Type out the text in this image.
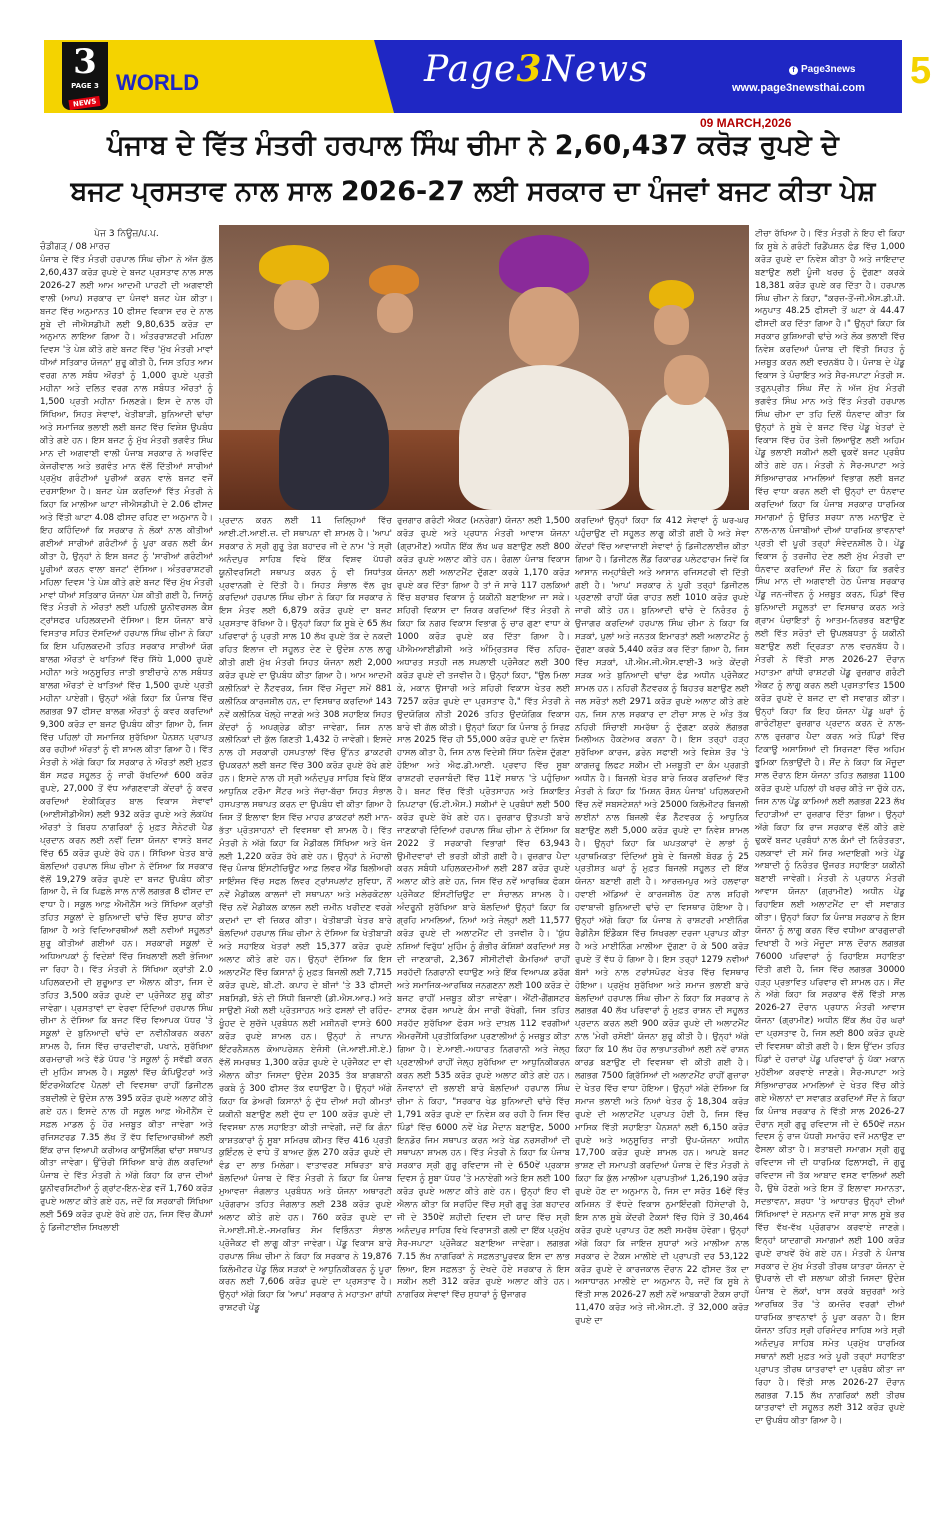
3
PAGE 3
NEWS
WORLD	Page3News	f Page3news
www.page3newsthai.com 5
09 MARCH,2026
ਪੰਜਾਬ ਦੇ ਵਿੱਤ ਮੰਤਰੀ ਹਰਪਾਲ ਸਿੰਘ ਚੀਮਾ ਨੇ 2,60,437 ਕਰੋੜ ਰੁਪਏ ਦੇ
ਬਜਟ ਪ੍ਰਸਤਾਵ ਨਾਲ ਸਾਲ 2026-27 ਲਈ ਸਰਕਾਰ ਦਾ ਪੰਜਵਾਂ ਬਜਟ ਕੀਤਾ ਪੇਸ਼

ਪੇਜ 3 ਨਿਊਜ਼/ਪ.ਪ.

ਚੰਡੀਗੜ੍ / 08 ਮਾਰਚ

ਪੰਜਾਬ ਦੇ ਵਿੱਤ ਮੰਤਰੀ ਹਰਪਾਲ ਸਿੰਘ ਚੀਮਾ ਨੇ ਅੱਜ ਕੁੱਲ 2,60,437 ਕਰੋੜ ਰੁਪਏ ਦੇ ਬਜਟ ਪ੍ਰਸਤਾਵ ਨਾਲ ਸਾਲ 2026-27 ਲਈ ਆਮ ਆਦਮੀ ਪਾਰਟੀ ਦੀ ਅਗਵਾਈ ਵਾਲੀ (ਆਪ) ਸਰਕਾਰ ਦਾ ਪੰਜਵਾਂ ਬਜਟ ਪੇਸ਼ ਕੀਤਾ। ਬਜਟ ਵਿੱਚ ਅਨੁਮਾਨਤ 10 ਫੀਸਦ ਵਿਕਾਸ ਦਰ ਦੇ ਨਾਲ ਸੂਬੇ ਦੀ ਜੀਐਸਡੀਪੀ ਲਈ 9,80,635 ਕਰੋੜ ਦਾ ਅਨੁਮਾਨ ਲਾਇਆ ਗਿਆ ਹੈ। ਅੰਤਰਰਾਸ਼ਟਰੀ ਮਹਿਲਾ ਦਿਵਸ 'ਤੇ ਪੇਸ਼ ਕੀਤੇ ਗਏ ਬਜਟ ਵਿੱਚ 'ਮੁੱਖ ਮੰਤਰੀ ਮਾਵਾਂ ਧੀਆਂ ਸਤਿਕਾਰ ਯੋਜਨਾ' ਸ਼ੁਰੂ ਕੀਤੀ ਹੈ, ਜਿਸ ਤਹਿਤ ਆਮ ਵਰਗ ਨਾਲ ਸਬੰਧ ਔਰਤਾਂ ਨੂੰ 1,000 ਰੁਪਏ ਪ੍ਰਤੀ ਮਹੀਨਾ ਅਤੇ ਦਲਿਤ ਵਰਗ ਨਾਲ ਸਬੰਧਤ ਔਰਤਾਂ ਨੂੰ 1,500 ਪ੍ਰਤੀ ਮਹੀਨਾ ਮਿਲਣਗੇ। ਇਸ ਦੇ ਨਾਲ ਹੀ ਸਿੱਖਿਆ, ਸਿਹਤ ਸੇਵਾਵਾਂ, ਖੇਤੀਬਾੜੀ, ਬੁਨਿਆਦੀ ਢਾਂਚਾ ਅਤੇ ਸਮਾਜਿਕ ਭਲਾਈ ਲਈ ਬਜਟ ਵਿੱਚ ਵਿਸ਼ੇਸ਼ ਉਪਬੰਧ ਕੀਤੇ ਗਏ ਹਨ। ਇਸ ਬਜਟ ਨੂੰ ਮੁੱਖ ਮੰਤਰੀ ਭਗਵੰਤ ਸਿੰਘ ਮਾਨ ਦੀ ਅਗਵਾਈ ਵਾਲੀ ਪੰਜਾਬ ਸਰਕਾਰ ਨੇ ਅਰਵਿੰਦ ਕੇਜਰੀਵਾਲ ਅਤੇ ਭਗਵੰਤ ਮਾਨ ਵੱਲੋਂ ਦਿੱਤੀਆਂ ਸਾਰੀਆਂ ਪ੍ਰਮੁੱਖ ਗਰੰਟੀਆਂ ਪੂਰੀਆਂ ਕਰਨ ਵਾਲੇ ਬਜਟ ਵਜੋਂ ਦਰਸਾਇਆ ਹੈ। ਬਜਟ ਪੇਸ਼ ਕਰਦਿਆਂ ਵਿੱਤ ਮੰਤਰੀ ਨੇ ਕਿਹਾ ਕਿ ਮਾਲੀਆ ਘਾਟਾ ਜੀਐਸਡੀਪੀ ਦੇ 2.06 ਫੀਸਦ ਅਤੇ ਵਿੱਤੀ ਘਾਟਾ 4.08 ਫੀਸਦ ਰਹਿਣ ਦਾ ਅਨੁਮਾਨ ਹੈ। ਇਹ ਕਹਿੰਦਿਆਂ ਕਿ ਸਰਕਾਰ ਨੇ ਲੋਕਾਂ ਨਾਲ ਕੀਤੀਆਂ ਗਈਆਂ ਸਾਰੀਆਂ ਗਰੰਟੀਆਂ ਨੂੰ ਪੂਰਾ ਕਰਨ ਲਈ ਕੰਮ ਕੀਤਾ ਹੈ, ਉਨ੍ਹਾਂ ਨੇ ਇਸ ਬਜਟ ਨੂੰ 'ਸਾਰੀਆਂ ਗਰੰਟੀਆਂ ਪੂਰੀਆਂ ਕਰਨ ਵਾਲਾ ਬਜਟ' ਦੱਸਿਆ। ਅੰਤਰਰਾਸ਼ਟਰੀ ਮਹਿਲਾ ਦਿਵਸ 'ਤੇ ਪੇਸ਼ ਕੀਤੇ ਗਏ ਬਜਟ ਵਿੱਚ ਮੁੱਖ ਮੰਤਰੀ ਮਾਵਾਂ ਧੀਆਂ ਸਤਿਕਾਰ ਯੋਜਨਾ ਪੇਸ਼ ਕੀਤੀ ਗਈ ਹੈ, ਜਿਸਨੂੰ ਵਿੱਤ ਮੰਤਰੀ ਨੇ ਔਰਤਾਂ ਲਈ ਪਹਿਲੀ ਯੂਨੀਵਰਸਲ ਕੈਸ਼ ਟ੍ਰਾਂਸਫਰ ਪਹਿਲਕਦਮੀ ਦੱਸਿਆ। ਇਸ ਯੋਜਨਾ ਬਾਰੇ ਵਿਸਤਾਰ ਸਹਿਤ ਦੱਸਦਿਆਂ ਹਰਪਾਲ ਸਿੰਘ ਚੀਮਾ ਨੇ ਕਿਹਾ ਕਿ ਇਸ ਪਹਿਲਕਦਮੀ ਤਹਿਤ ਸਰਕਾਰ ਸਾਰੀਆਂ ਯੋਗ ਬਾਲਗ ਔਰਤਾਂ ਦੇ ਖਾਤਿਆਂ ਵਿੱਚ ਸਿੱਧੇ 1,000 ਰੁਪਏ ਮਹੀਨਾ ਅਤੇ ਅਨੁਸੂਚਿਤ ਜਾਤੀ ਭਾਈਚਾਰੇ ਨਾਲ ਸਬੰਧਤ ਬਾਲਗ ਔਰਤਾਂ ਦੇ ਖਾਤਿਆਂ ਵਿੱਚ 1,500 ਰੁਪਏ ਪ੍ਰਤੀ ਮਹੀਨਾ ਪਾਏਗੀ। ਉਨ੍ਹਾਂ ਅੱਗੇ ਕਿਹਾ ਕਿ ਪੰਜਾਬ ਵਿੱਚ ਲਗਭਗ 97 ਫੀਸਦ ਬਾਲਗ ਔਰਤਾਂ ਨੂੰ ਕਵਰ ਕਰਦਿਆਂ 9,300 ਕਰੋੜ ਦਾ ਬਜਟ ਉਪਬੰਧ ਕੀਤਾ ਗਿਆ ਹੈ, ਜਿਸ ਵਿੱਚ ਪਹਿਲਾਂ ਹੀ ਸਮਾਜਿਕ ਸੁਰੱਖਿਆ ਪੈਨਸ਼ਨ ਪ੍ਰਾਪਤ ਕਰ ਰਹੀਆਂ ਔਰਤਾਂ ਨੂੰ ਵੀ ਸ਼ਾਮਲ ਕੀਤਾ ਗਿਆ ਹੈ। ਵਿੱਤ ਮੰਤਰੀ ਨੇ ਅੱਗੇ ਕਿਹਾ ਕਿ ਸਰਕਾਰ ਨੇ ਔਰਤਾਂ ਲਈ ਮੁਫ਼ਤ ਬੱਸ ਸਫ਼ਰ ਸਹੂਲਤ ਨੂੰ ਜਾਰੀ ਰੱਖਦਿਆਂ 600 ਕਰੋੜ ਰੁਪਏ, 27,000 ਤੋਂ ਵੱਧ ਆਂਗਣਵਾੜੀ ਕੇਂਦਰਾਂ ਨੂੰ ਕਵਰ ਕਰਦਿਆਂ ਏਕੀਕ੍ਰਿਤ ਬਾਲ ਵਿਕਾਸ ਸੇਵਾਵਾਂ (ਆਈਸੀਡੀਐਸ) ਲਈ 932 ਕਰੋੜ ਰੁਪਏ ਅਤੇ ਲੋਕਪੱਖ ਔਰਤਾਂ ਤੇ ਬਿਰਧ ਨਾਗਰਿਕਾਂ ਨੂੰ ਮੁਫ਼ਤ ਸੈਨੇਟਰੀ ਪੈਡ ਪ੍ਰਦਾਨ ਕਰਨ ਲਈ ਨਵੀਂ ਦਿਸ਼ਾ ਯੋਜਨਾ ਵਾਸਤੇ ਬਜਟ ਵਿੱਚ 65 ਕਰੋੜ ਰੁਪਏ ਰੱਖੇ ਹਨ। ਸਿੱਖਿਆ ਖੇਤਰ ਬਾਰੇ ਬੋਲਦਿਆਂ ਹਰਪਾਲ ਸਿੰਘ ਚੀਮਾ ਨੇ ਦੱਸਿਆ ਕਿ ਸਰਕਾਰ ਵੱਲੋਂ 19,279 ਕਰੋੜ ਰੁਪਏ ਦਾ ਬਜਟ ਉਪਬੰਧ ਕੀਤਾ ਗਿਆ ਹੈ, ਜੋ ਕਿ ਪਿਛਲੇ ਸਾਲ ਨਾਲੋਂ ਲਗਭਗ 8 ਫੀਸਦ ਦਾ ਵਾਧਾ ਹੈ। ਸਕੂਲ ਆਫ਼ ਐਮੀਨੈਂਸ ਅਤੇ ਸਿੱਖਿਆ ਕ੍ਰਾਂਤੀ ਤਹਿਤ ਸਕੂਲਾਂ ਦੇ ਬੁਨਿਆਦੀ ਢਾਂਚੇ ਵਿੱਚ ਸੁਧਾਰ ਕੀਤਾ ਗਿਆ ਹੈ ਅਤੇ ਵਿਦਿਆਰਥੀਆਂ ਲਈ ਨਵੀਆਂ ਸਹੂਲਤਾਂ ਸ਼ੁਰੂ ਕੀਤੀਆਂ ਗਈਆਂ ਹਨ। ਸਰਕਾਰੀ ਸਕੂਲਾਂ ਦੇ ਅਧਿਆਪਕਾਂ ਨੂੰ ਵਿਦੇਸ਼ਾਂ ਵਿੱਚ ਸਿਖਲਾਈ ਲਈ ਭੇਜਿਆ ਜਾ ਰਿਹਾ ਹੈ। ਵਿੱਤ ਮੰਤਰੀ ਨੇ ਸਿੱਖਿਆ ਕ੍ਰਾਂਤੀ 2.0 ਪਹਿਲਕਦਮੀ ਦੀ ਸ਼ੁਰੂਆਤ ਦਾ ਐਲਾਨ ਕੀਤਾ, ਜਿਸ ਦੇ ਤਹਿਤ 3,500 ਕਰੋੜ ਰੁਪਏ ਦਾ ਪ੍ਰੋਜੈਕਟ ਸ਼ੁਰੂ ਕੀਤਾ ਜਾਵੇਗਾ। ਪ੍ਰਸਤਾਵਾਂ ਦਾ ਵੇਰਵਾ ਦਿੰਦਿਆਂ ਹਰਪਾਲ ਸਿੰਘ ਚੀਮਾ ਨੇ ਦੱਸਿਆ ਕਿ ਬਜਟ ਵਿੱਚ ਵਿਆਪਕ ਪੱਧਰ 'ਤੇ ਸਕੂਲਾਂ ਦੇ ਬੁਨਿਆਦੀ ਢਾਂਚੇ ਦਾ ਨਵੀਨੀਕਰਨ ਕਰਨਾ ਸ਼ਾਮਲ ਹੈ, ਜਿਸ ਵਿੱਚ ਚਾਰਦੀਵਾਰੀ, ਪਖਾਨੇ, ਸੁਰੱਖਿਆ ਕਰਮਚਾਰੀ ਅਤੇ ਵੱਡੇ ਪੱਧਰ 'ਤੇ ਸਕੂਲਾਂ ਨੂੰ ਸਵੱਛੀ ਕਰਨ ਦੀ ਮੁਹਿੰਮ ਸ਼ਾਮਲ ਹੈ। ਸਕੂਲਾਂ ਵਿੱਚ ਕੰਪਿਊਟਰਾਂ ਅਤੇ ਇੰਟਰਐਕਟਿਵ ਪੈਨਲਾਂ ਦੀ ਵਿਵਸਥਾ ਰਾਹੀਂ ਡਿਜੀਟਲ ਤਬਦੀਲੀ ਦੇ ਉਦੇਸ਼ ਨਾਲ 395 ਕਰੋੜ ਰੁਪਏ ਅਲਾਟ ਕੀਤੇ ਗਏ ਹਨ। ਇਸਦੇ ਨਾਲ ਹੀ ਸਕੂਲ ਆਫ਼ ਐਮੀਨੈਂਸ ਦੇ ਸਫ਼ਲ ਮਾਡਲ ਨੂੰ ਹੋਰ ਮਜ਼ਬੂਤ ਕੀਤਾ ਜਾਵੇਗਾ ਅਤੇ ਰਜਿਸਟਰਡ 7.35 ਲੱਖ ਤੋਂ ਵੱਧ ਵਿਦਿਆਰਥੀਆਂ ਲਈ ਇੱਕ ਰਾਜ ਵਿਆਪੀ ਕਰੀਅਰ ਕਾਉਂਸਲਿੰਗ ਢਾਂਚਾ ਸਥਾਪਤ ਕੀਤਾ ਜਾਵੇਗਾ। ਉੱਚੇਰੀ ਸਿੱਖਿਆ ਬਾਰੇ ਗੱਲ ਕਰਦਿਆਂ ਪੰਜਾਬ ਦੇ ਵਿੱਤ ਮੰਤਰੀ ਨੇ ਅੱਗੇ ਕਿਹਾ ਕਿ ਰਾਜ ਦੀਆਂ ਯੂਨੀਵਰਸਿਟੀਆਂ ਨੂੰ ਗ੍ਰਾਂਟ-ਇਨ-ਏਡ ਵਜੋਂ 1,760 ਕਰੋੜ ਰੁਪਏ ਅਲਾਟ ਕੀਤੇ ਗਏ ਹਨ, ਜਦੋਂ ਕਿ ਸਰਕਾਰੀ ਸਿੱਖਿਆ ਲਈ 569 ਕਰੋੜ ਰੁਪਏ ਰੱਖੇ ਗਏ ਹਨ, ਜਿਸ ਵਿੱਚ ਕੈਂਪਸਾਂ ਨੂੰ ਡਿਜੀਟਾਈਜ਼ ਸਿਖਲਾਈ

ਪ੍ਰਦਾਨ ਕਰਨ ਲਈ 11 ਜ਼ਿਲ੍ਹਿਆਂ ਵਿੱਚ ਆਈ.ਟੀ.ਆਈ.ਜ਼. ਦੀ ਸਥਾਪਨਾ ਵੀ ਸ਼ਾਮਲ ਹੈ। 'ਆਪ' ਸਰਕਾਰ ਨੇ ਸ੍ਰੀ ਗੁਰੂ ਤੇਗ ਬਹਾਦਰ ਜੀ ਦੇ ਨਾਮ 'ਤੇ ਸ੍ਰੀ ਅਨੰਦਪੁਰ ਸਾਹਿਬ ਵਿਖੇ ਇੱਕ ਵਿਸ਼ਵ ਪੱਧਰੀ ਯੂਨੀਵਰਸਿਟੀ ਸਥਾਪਤ ਕਰਨ ਨੂੰ ਵੀ ਸਿਧਾਂਤਕ ਪ੍ਰਵਾਨਗੀ ਦੇ ਦਿੱਤੀ ਹੈ। ਸਿਹਤ ਸੰਭਾਲ ਵੱਲ ਰੁਖ਼ ਕਰਦਿਆਂ ਹਰਪਾਲ ਸਿੰਘ ਚੀਮਾ ਨੇ ਕਿਹਾ ਕਿ ਸਰਕਾਰ ਨੇ ਇਸ ਮੰਤਵ ਲਈ 6,879 ਕਰੋੜ ਰੁਪਏ ਦਾ ਬਜਟ ਪ੍ਰਸਤਾਵ ਰੱਖਿਆ ਹੈ। ਉਨ੍ਹਾਂ ਕਿਹਾ ਕਿ ਸੂਬੇ ਦੇ 65 ਲੱਖ ਪਰਿਵਾਰਾਂ ਨੂੰ ਪ੍ਰਤੀ ਸਾਲ 10 ਲੱਖ ਰੁਪਏ ਤੱਕ ਦੇ ਨਕਦੀ ਰਹਿਤ ਇਲਾਜ ਦੀ ਸਹੂਲਤ ਦੇਣ ਦੇ ਉਦੇਸ਼ ਨਾਲ ਲਾਗੂ ਕੀਤੀ ਗਈ ਮੁੱਖ ਮੰਤਰੀ ਸਿਹਤ ਯੋਜਨਾ ਲਈ 2,000 ਕਰੋੜ ਰੁਪਏ ਦਾ ਉਪਬੰਧ ਕੀਤਾ ਗਿਆ ਹੈ। ਆਮ ਆਦਮੀ ਕਲੀਨਿਕਾਂ ਦੇ ਨੈੱਟਵਰਕ, ਜਿਸ ਵਿੱਚ ਮੌਜੂਦਾ ਸਮੇਂ 881 ਕਲੀਨਿਕ ਕਾਰਜਸ਼ੀਲ ਹਨ, ਦਾ ਵਿਸਥਾਰ ਕਰਦਿਆਂ 143 ਨਵੇਂ ਕਲੀਨਿਕ ਖੋਲ੍ਹੇ ਜਾਣਗੇ ਅਤੇ 308 ਸਹਾਇਕ ਸਿਹਤ ਕੇਂਦਰਾਂ ਨੂੰ ਅਪਗ੍ਰੇਡ ਕੀਤਾ ਜਾਵੇਗਾ, ਜਿਸ ਨਾਲ ਕਲੀਨਿਕਾਂ ਦੀ ਕੁੱਲ ਗਿਣਤੀ 1,432 ਹੋ ਜਾਵੇਗੀ। ਇਸਦੇ ਨਾਲ ਹੀ ਸਰਕਾਰੀ ਹਸਪਤਾਲਾਂ ਵਿੱਚ ਉੱਨਤ ਡਾਕਟਰੀ ਉਪਕਰਨਾਂ ਲਈ ਬਜਟ ਵਿੱਚ 300 ਕਰੋੜ ਰੁਪਏ ਰੱਖੇ ਗਏ ਹਨ। ਇਸਦੇ ਨਾਲ ਹੀ ਸ੍ਰੀ ਅਨੰਦਪੁਰ ਸਾਹਿਬ ਵਿਖੇ ਇੱਕ ਆਧੁਨਿਕ ਟਰੌਮਾ ਸੈਂਟਰ ਅਤੇ ਜੱਚਾ-ਬੱਚਾ ਸਿਹਤ ਸੰਭਾਲ ਹਸਪਤਾਲ ਸਥਾਪਤ ਕਰਨ ਦਾ ਉਪਬੰਧ ਵੀ ਕੀਤਾ ਗਿਆ ਹੈ ਜਿਸ ਤੋਂ ਇਲਾਵਾ ਇਸ ਵਿੱਚ ਮਾਹਰ ਡਾਕਟਰਾਂ ਲਈ ਮਾਨ-ਭੱਤਾ ਪ੍ਰੋਤਸਾਹਨਾਂ ਦੀ ਵਿਵਸਥਾ ਵੀ ਸ਼ਾਮਲ ਹੈ। ਵਿੱਤ ਮੰਤਰੀ ਨੇ ਅੱਗੇ ਕਿਹਾ ਕਿ ਮੈਡੀਕਲ ਸਿੱਖਿਆ ਅਤੇ ਖੋਜ ਲਈ 1,220 ਕਰੋੜ ਰੱਖੇ ਗਏ ਹਨ। ਉਨ੍ਹਾਂ ਨੇ ਮੋਹਾਲੀ ਵਿੱਚ ਪੰਜਾਬ ਇੰਸਟੀਚਿਊਟ ਆਫ਼ ਲਿਵਰ ਐਂਡ ਬਿਲੀਅਰੀ ਸਾਇੰਸਜ਼ ਵਿੱਚ ਸਫਲ ਲਿਵਰ ਟ੍ਰਾਂਸਪਲਾਂਟ ਸੁਵਿਧਾ, ਨੌਂ ਨਵੇਂ ਮੈਡੀਕਲ ਕਾਲਜਾਂ ਦੀ ਸਥਾਪਨਾ ਅਤੇ ਮਲੇਰਕੋਟਲਾ ਵਿੱਚ ਨਵੇਂ ਮੈਡੀਕਲ ਕਾਲਜ ਲਈ ਜ਼ਮੀਨ ਖਰੀਦਣ ਵਰਗੇ ਕਦਮਾਂ ਦਾ ਵੀ ਜ਼ਿਕਰ ਕੀਤਾ। ਖੇਤੀਬਾੜੀ ਖੇਤਰ ਬਾਰੇ ਬੋਲਦਿਆਂ ਹਰਪਾਲ ਸਿੰਘ ਚੀਮਾ ਨੇ ਦੱਸਿਆ ਕਿ ਖੇਤੀਬਾੜੀ ਅਤੇ ਸਹਾਇਕ ਖੇਤਰਾਂ ਲਈ 15,377 ਕਰੋੜ ਰੁਪਏ ਅਲਾਟ ਕੀਤੇ ਗਏ ਹਨ। ਉਨ੍ਹਾਂ ਦੱਸਿਆ ਕਿ ਇਸ ਅਲਾਟਮੈਂਟ ਵਿੱਚ ਕਿਸਾਨਾਂ ਨੂੰ ਮੁਫ਼ਤ ਬਿਜਲੀ ਲਈ 7,715 ਕਰੋੜ ਰੁਪਏ, ਬੀ.ਟੀ. ਕਪਾਹ ਦੇ ਬੀਜਾਂ 'ਤੇ 33 ਫੀਸਦੀ ਸਬਸਿਡੀ, ਝੋਨੇ ਦੀ ਸਿੱਧੀ ਬਿਜਾਈ (ਡੀ.ਐਸ.ਆਰ.) ਅਤੇ ਸਾਉਣੀ ਮੱਕੀ ਲਈ ਪ੍ਰੋਤਸਾਹਨ ਅਤੇ ਫਸਲਾਂ ਦੀ ਰਹਿੰਦ-ਖੂੰਹਦ ਦੇ ਸੁਚੱਜੇ ਪ੍ਰਬੰਧਨ ਲਈ ਮਸ਼ੀਨਰੀ ਵਾਸਤੇ 600 ਕਰੋੜ ਰੁਪਏ ਸ਼ਾਮਲ ਹਨ। ਉਨ੍ਹਾਂ ਨੇ ਜਾਪਾਨ ਇੰਟਰਨੈਸ਼ਨਲ ਕੋਆਪਰੇਸ਼ਨ ਏਜੰਸੀ (ਜੇ.ਆਈ.ਸੀ.ਏ.) ਵੱਲੋਂ ਸਮਰਥਤ 1,300 ਕਰੋੜ ਰੁਪਏ ਦੇ ਪ੍ਰੋਜੈਕਟ ਦਾ ਵੀ ਐਲਾਨ ਕੀਤਾ ਜਿਸਦਾ ਉਦੇਸ਼ 2035 ਤੱਕ ਬਾਗਬਾਨੀ ਰਕਬੇ ਨੂੰ 300 ਫੀਸਦ ਤੱਕ ਵਧਾਉਣਾ ਹੈ। ਉਨ੍ਹਾਂ ਅੱਗੇ ਕਿਹਾ ਕਿ ਡੇਅਰੀ ਕਿਸਾਨਾਂ ਨੂੰ ਦੁੱਧ ਦੀਆਂ ਸਹੀ ਕੀਮਤਾਂ ਯਕੀਨੀ ਬਣਾਉਣ ਲਈ ਦੁੱਧ ਦਾ 100 ਕਰੋੜ ਰੁਪਏ ਦੀ ਵਿਵਸਥਾ ਨਾਲ ਸਹਾਇਤਾ ਕੀਤੀ ਜਾਵੇਗੀ, ਜਦੋਂ ਕਿ ਗੰਨਾ ਕਾਸ਼ਤਕਾਰਾਂ ਨੂੰ ਸੂਬਾ ਸਮਿਰਥ ਕੀਮਤ ਵਿੱਚ 416 ਪ੍ਰਤੀ ਕੁਇੰਟਲ ਦੇ ਵਾਧੇ ਤੋਂ ਬਾਅਦ ਕੁੱਲ 270 ਕਰੋੜ ਰੁਪਏ ਦੀ ਵੰਡ ਦਾ ਲਾਭ ਮਿਲੇਗਾ। ਵਾਤਾਵਰਣ ਸਥਿਰਤਾ ਬਾਰੇ ਬੋਲਦਿਆਂ ਪੰਜਾਬ ਦੇ ਵਿੱਤ ਮੰਤਰੀ ਨੇ ਕਿਹਾ ਕਿ ਪੰਜਾਬ ਮੁਆਵਜ਼ਾ ਜੰਗਲਾਤ ਪ੍ਰਬੰਧਨ ਅਤੇ ਯੋਜਨਾ ਅਥਾਰਟੀ ਪ੍ਰੋਗਰਾਮ ਤਹਿਤ ਜੰਗਲਾਤ ਲਈ 238 ਕਰੋੜ ਰੁਪਏ ਅਲਾਟ ਕੀਤੇ ਗਏ ਹਨ। 760 ਕਰੋੜ ਰੁਪਏ ਦਾ ਜੇ.ਆਈ.ਸੀ.ਏ.-ਸਮਰਥਿਤ ਸੋਮ ਵਿਭਿੰਨਤਾ ਸੰਭਾਲ ਪ੍ਰੋਜੈਕਟ ਵੀ ਲਾਗੂ ਕੀਤਾ ਜਾਵੇਗਾ। ਪੇਂਡੂ ਵਿਕਾਸ ਬਾਰੇ ਹਰਪਾਲ ਸਿੰਘ ਚੀਮਾ ਨੇ ਕਿਹਾ ਕਿ ਸਰਕਾਰ ਨੇ 19,876 ਕਿਲੋਮੀਟਰ ਪੇਂਡੂ ਲਿੰਕ ਸੜਕਾਂ ਦੇ ਆਧੁਨਿਕੀਕਰਨ ਨੂੰ ਪੂਰਾ ਕਰਨ ਲਈ 7,606 ਕਰੋੜ ਰੁਪਏ ਦਾ ਪ੍ਰਸਤਾਵ ਹੈ। ਉਨ੍ਹਾਂ ਅੱਗੇ ਕਿਹਾ ਕਿ 'ਆਪ' ਸਰਕਾਰ ਨੇ ਮਹਾਤਮਾ ਗਾਂਧੀ ਰਾਸ਼ਟਰੀ ਪੇਂਡੂ

ਰੁਜ਼ਗਾਰ ਗਰੰਟੀ ਐਕਟ (ਮਨਰੇਗਾ) ਯੋਜਨਾ ਲਈ 1,500 ਕਰੋੜ ਰੁਪਏ ਅਤੇ ਪ੍ਰਧਾਨ ਮੰਤਰੀ ਆਵਾਸ ਯੋਜਨਾ (ਗ੍ਰਾਮੀਣ) ਅਧੀਨ ਇੱਕ ਲੱਖ ਘਰ ਬਣਾਉਣ ਲਈ 800 ਕਰੋੜ ਰੁਪਏ ਅਲਾਟ ਕੀਤੇ ਹਨ। ਰੰਗਲਾ ਪੰਜਾਬ ਵਿਕਾਸ ਯੋਜਨਾ ਲਈ ਅਲਾਟਮੈਂਟ ਦੁੱਗਣਾ ਕਰਕੇ 1,170 ਕਰੋੜ ਰੁਪਏ ਕਰ ਦਿੱਤਾ ਗਿਆ ਹੈ ਤਾਂ ਜੋ ਸਾਰੇ 117 ਹਲਕਿਆਂ ਵਿੱਚ ਬਰਾਬਰ ਵਿਕਾਸ ਨੂੰ ਯਕੀਨੀ ਬਣਾਇਆ ਜਾ ਸਕੇ। ਸ਼ਹਿਰੀ ਵਿਕਾਸ ਦਾ ਜ਼ਿਕਰ ਕਰਦਿਆਂ ਵਿੱਤ ਮੰਤਰੀ ਨੇ ਕਿਹਾ ਕਿ ਨਗਰ ਵਿਕਾਸ ਵਿਭਾਗ ਨੂੰ ਚਾਰ ਗੁਣਾ ਵਾਧਾ ਕੇ 1000 ਕਰੋੜ ਰੁਪਏ ਕਰ ਦਿੱਤਾ ਗਿਆ ਹੈ। ਪੀਐਮਆਈਡੀਸੀ ਅਤੇ ਅੰਮ੍ਰਿਤਸਰ ਵਿੱਚ ਨਹਿਰ-ਅਧਾਰਤ ਸਤਹੀ ਜਲ ਸਪਲਾਈ ਪ੍ਰੋਜੈਕਟ ਲਈ 300 ਕਰੋੜ ਰੁਪਏ ਦੀ ਤਜਵੀਜ਼ ਹੈ। ਉਨ੍ਹਾਂ ਕਿਹਾ, "ਉਲ ਮਿਲਾ ਕੇ, ਮਕਾਨ ਉਸਾਰੀ ਅਤੇ ਸ਼ਹਿਰੀ ਵਿਕਾਸ ਖੇਤਰ ਲਈ 7257 ਕਰੋੜ ਰੁਪਏ ਦਾ ਪ੍ਰਸਤਾਵ ਹੈ," ਵਿੱਤ ਮੰਤਰੀ ਨੇ ਉਦਯੋਗਿਕ ਨੀਤੀ 2026 ਤਹਿਤ ਉਦਯੋਗਿਕ ਵਿਕਾਸ ਬਾਰੇ ਵੀ ਗੱਲ ਕੀਤੀ। ਉਨ੍ਹਾਂ ਕਿਹਾ ਕਿ ਪੰਜਾਬ ਨੂੰ ਸਿਰਫ਼ ਸਾਲ 2025 ਵਿੱਚ ਹੀ 55,000 ਕਰੋੜ ਰੁਪਏ ਦਾ ਨਿਵੇਸ਼ ਹਾਸਲ ਕੀਤਾ ਹੈ, ਜਿਸ ਨਾਲ ਵਿਦੇਸ਼ੀ ਸਿੱਧਾ ਨਿਵੇਸ਼ ਦੁੱਗਣਾ ਹੋਇਆ ਅਤੇ ਐਫ.ਡੀ.ਆਈ. ਪ੍ਰਵਾਹ ਵਿੱਚ ਸੂਬਾ ਰਾਸ਼ਟਰੀ ਦਰਜਾਬੰਦੀ ਵਿੱਚ 11ਵੇਂ ਸਥਾਨ 'ਤੇ ਪਹੁੰਚਿਆ ਹੈ। ਬਜਟ ਵਿੱਚ ਵਿੱਤੀ ਪ੍ਰੋਤਸਾਹਨ ਅਤੇ ਸ਼ਿਕਾਇਤ ਨਿਪਟਾਰਾ (ਓ.ਟੀ.ਐਸ.) ਸਕੀਮਾਂ ਦੇ ਪ੍ਰਬੰਧਾਂ ਲਈ 500 ਕਰੋੜ ਰੁਪਏ ਰੱਖੇ ਗਏ ਹਨ। ਰੁਜ਼ਗਾਰ ਉਤਪਤੀ ਬਾਰੇ ਜਾਣਕਾਰੀ ਦਿੰਦਿਆਂ ਹਰਪਾਲ ਸਿੰਘ ਚੀਮਾ ਨੇ ਦੱਸਿਆ ਕਿ 2022 ਤੋਂ ਸਰਕਾਰੀ ਵਿਭਾਗਾਂ ਵਿੱਚ 63,943 ਉਮੀਦਵਾਰਾਂ ਦੀ ਭਰਤੀ ਕੀਤੀ ਗਈ ਹੈ। ਰੁਜ਼ਗਾਰ ਪੈਦਾ ਕਰਨ ਸਬੰਧੀ ਪਹਿਲਕਦਮੀਆਂ ਲਈ 287 ਕਰੋੜ ਰੁਪਏ ਅਲਾਟ ਕੀਤੇ ਗਏ ਹਨ, ਜਿਸ ਵਿੱਚ ਨਵੇਂ ਆਰਥਿਕ ਫੋਕਸ ਪ੍ਰੋਜੈਕਟ ਇੰਸਟੀਚਿਊਟ ਦਾ ਸੰਚਾਲਨ ਸ਼ਾਮਲ ਹੈ। ਅੰਦਰੂਨੀ ਸੁਰੱਖਿਆ ਬਾਰੇ ਬੋਲਦਿਆਂ ਉਨ੍ਹਾਂ ਕਿਹਾ ਕਿ ਗ੍ਰਹਿ ਮਾਮਲਿਆਂ, ਨਿਆਂ ਅਤੇ ਜੇਲ੍ਹਾਂ ਲਈ 11,577 ਕਰੋੜ ਰੁਪਏ ਦੀ ਅਲਾਟਮੈਂਟ ਦੀ ਤਜਵੀਜ਼ ਹੈ। 'ਯੁੱਧ ਨਸ਼ਿਆਂ ਵਿਰੁੱਧ' ਮੁਹਿੰਮ ਨੂੰ ਗੰਭੀਰ ਕੋਸ਼ਿਸ਼ਾਂ ਕਰਦਿਆਂ ਸਭ ਦੀ ਜਾਣਕਾਰੀ, 2,367 ਸੀਸੀਟੀਵੀ ਕੈਮਰਿਆਂ ਰਾਹੀਂ ਸਰਹੱਦੀ ਨਿਗਰਾਨੀ ਵਧਾਉਣ ਅਤੇ ਇੱਕ ਵਿਆਪਕ ਡਰੱਗ ਅਤੇ ਸਮਾਜਿਕ-ਆਰਥਿਕ ਜਨਗਣਨਾ ਲਈ 100 ਕਰੋੜ ਦੇ ਬਜਟ ਰਾਹੀਂ ਮਜ਼ਬੂਤ ਕੀਤਾ ਜਾਵੇਗਾ। ਐਂਟੀ-ਗੈਂਗਸਟਰ ਟਾਸਕ ਫੋਰਸ ਆਪਣੇ ਕੰਮ ਜਾਰੀ ਰੱਖੇਗੀ, ਜਿਸ ਤਹਿਤ ਸਰਹੱਦ ਸੁਰੱਖਿਆ ਫੋਰਸ ਅਤੇ ਦਾਖ਼ਲ 112 ਵਰਗੀਆਂ ਐਮਰਜੈਂਸੀ ਪ੍ਰਤੀਕਿਰਿਆ ਪ੍ਰਣਾਲੀਆਂ ਨੂੰ ਮਜ਼ਬੂਤ ਕੀਤਾ ਗਿਆ ਹੈ। ਏ.ਆਈ.-ਅਧਾਰਤ ਨਿਗਰਾਨੀ ਅਤੇ ਜੇਲ੍ਹ ਪ੍ਰਣਾਲੀਆਂ ਰਾਹੀਂ ਜੇਲ੍ਹ ਸੁਰੱਖਿਆ ਦਾ ਆਧੁਨਿਕੀਕਰਨ ਕਰਨ ਲਈ 535 ਕਰੋੜ ਰੁਪਏ ਅਲਾਟ ਕੀਤੇ ਗਏ ਹਨ। ਨੌਜਵਾਨਾਂ ਦੀ ਭਲਾਈ ਬਾਰੇ ਬੋਲਦਿਆਂ ਹਰਪਾਲ ਸਿੰਘ ਚੀਮਾ ਨੇ ਕਿਹਾ, "ਸਰਕਾਰ ਖੇਡ ਬੁਨਿਆਦੀ ਢਾਂਚੇ ਵਿੱਚ 1,791 ਕਰੋੜ ਰੁਪਏ ਦਾ ਨਿਵੇਸ਼ ਕਰ ਰਹੀ ਹੈ ਜਿਸ ਵਿੱਚ ਪਿੰਡਾਂ ਵਿੱਚ 6000 ਨਵੇਂ ਖੇਡ ਮੈਦਾਨ ਬਣਾਉਣ, 5000 ਇਨਡੋਰ ਜਿਮ ਸਥਾਪਤ ਕਰਨ ਅਤੇ ਖੇਡ ਨਰਸਰੀਆਂ ਦੀ ਸਥਾਪਨਾ ਸ਼ਾਮਲ ਹਨ। ਵਿੱਤ ਮੰਤਰੀ ਨੇ ਕਿਹਾ ਕਿ ਪੰਜਾਬ ਸਰਕਾਰ ਸ੍ਰੀ ਗੁਰੂ ਰਵਿਦਾਸ ਜੀ ਦੇ 650ਵੇਂ ਪ੍ਰਕਾਸ਼ ਦਿਵਸ ਨੂੰ ਸੂਬਾ ਪੱਧਰ 'ਤੇ ਮਨਾਏਗੀ ਅਤੇ ਇਸ ਲਈ 100 ਕਰੋੜ ਰੁਪਏ ਅਲਾਟ ਕੀਤੇ ਗਏ ਹਨ। ਉਨ੍ਹਾਂ ਇਹ ਵੀ ਐਲਾਨ ਕੀਤਾ ਕਿ ਸਰਹਿੰਦ ਵਿੱਚ ਸ੍ਰੀ ਗੁਰੂ ਤੇਗ ਬਹਾਦਰ ਜੀ ਦੇ 350ਵੇਂ ਸ਼ਹੀਦੀ ਦਿਵਸ ਦੀ ਯਾਦ ਵਿੱਚ ਸ੍ਰੀ ਅਨੰਦਪੁਰ ਸਾਹਿਬ ਵਿਖੇ ਵਿਰਾਸਤੀ ਗਲੀ ਦਾ ਇੱਕ ਪ੍ਰਮੁੱਖ ਸੈਰ-ਸਪਾਟਾ ਪ੍ਰੋਜੈਕਟ ਬਣਾਇਆ ਜਾਵੇਗਾ। ਲਗਭਗ 7.15 ਲੱਖ ਨਾਗਰਿਕਾਂ ਨੇ ਸਫ਼ਲਤਾਪੂਰਵਕ ਇਸ ਦਾ ਲਾਭ ਲਿਆ, ਇਸ ਸਫ਼ਲਤਾ ਨੂੰ ਦੇਖਦੇ ਹੋਏ ਸਰਕਾਰ ਨੇ ਇਸ ਸਕੀਮ ਲਈ 312 ਕਰੋੜ ਰੁਪਏ ਅਲਾਟ ਕੀਤੇ ਹਨ। ਨਾਗਰਿਕ ਸੇਵਾਵਾਂ ਵਿੱਚ ਸੁਧਾਰਾਂ ਨੂੰ ਉਜਾਗਰ

ਕਰਦਿਆਂ ਉਨ੍ਹਾਂ ਕਿਹਾ ਕਿ 412 ਸੇਵਾਵਾਂ ਨੂੰ ਘਰ-ਘਰ ਪਹੁੰਚਾਉਣ ਦੀ ਸਹੂਲਤ ਲਾਗੂ ਕੀਤੀ ਗਈ ਹੈ ਅਤੇ ਸੇਵਾ ਕੇਂਦਰਾਂ ਵਿੱਚ ਆਵਾਜਾਈ ਸੇਵਾਵਾਂ ਨੂੰ ਡਿਜੀਟਲਾਈਜ਼ ਕੀਤਾ ਗਿਆ ਹੈ। ਡਿਜੀਟਲ ਲੈਂਡ ਰਿਕਾਰਡ ਪਲੇਟਫਾਰਮ ਜਿਵੇਂ ਕਿ ਆਸਾਨ ਜਮ੍ਹਾਂਬੰਦੀ ਅਤੇ ਆਸਾਨ ਰਜਿਸਟਰੀ ਵੀ ਦਿੱਤੀ ਗਈ ਹੈ। 'ਆਪ' ਸਰਕਾਰ ਨੇ ਪੂਰੀ ਤਰ੍ਹਾਂ ਡਿਜੀਟਲ ਪ੍ਰਣਾਲੀ ਰਾਹੀਂ ਯੋਗ ਰਾਹਤ ਲਈ 1010 ਕਰੋੜ ਰੁਪਏ ਜਾਰੀ ਕੀਤੇ ਹਨ। ਬੁਨਿਆਦੀ ਢਾਂਚੇ ਦੇ ਨਿਰੰਤਰ ਨੂੰ ਉਜਾਗਰ ਕਰਦਿਆਂ ਹਰਪਾਲ ਸਿੰਘ ਚੀਮਾ ਨੇ ਕਿਹਾ ਕਿ ਸੜਕਾਂ, ਪੁਲਾਂ ਅਤੇ ਜਨਤਕ ਇਮਾਰਤਾਂ ਲਈ ਅਲਾਟਮੈਂਟ ਨੂੰ ਦੁੱਗਣਾ ਕਰਕੇ 5,440 ਕਰੋੜ ਕਰ ਦਿੱਤਾ ਗਿਆ ਹੈ, ਜਿਸ ਵਿੱਚ ਸੜਕਾਂ, ਪੀ.ਐਮ.ਜੀ.ਐਸ.ਵਾਈ-3 ਅਤੇ ਕੇਂਦਰੀ ਸੜਕ ਅਤੇ ਬੁਨਿਆਦੀ ਢਾਂਚਾ ਫੰਡ ਅਧੀਨ ਪ੍ਰੋਜੈਕਟ ਸ਼ਾਮਲ ਹਨ। ਨਹਿਰੀ ਨੈੱਟਵਰਕ ਨੂੰ ਬਿਹਤਰ ਬਣਾਉਣ ਲਈ ਜਲ ਸਰੋਤਾਂ ਲਈ 2971 ਕਰੋੜ ਰੁਪਏ ਅਲਾਟ ਕੀਤੇ ਗਏ ਹਨ, ਜਿਸ ਨਾਲ ਸਰਕਾਰ ਦਾ ਟੀਚਾ ਸਾਲ ਦੇ ਅੰਤ ਤੱਕ ਨਹਿਰੀ ਸਿੰਚਾਈ ਸਮਰੱਥਾ ਨੂੰ ਦੁੱਗਣਾ ਕਰਕੇ ਲੱਗਭਗ ਮਿਲੀਅਨ ਹੈਕਟੇਅਰ ਕਰਨਾ ਹੈ। ਇਸ ਤਰ੍ਹਾਂ ਹੜ੍ਹ ਸੁਰੱਖਿਆ ਕਾਰਜ, ਡਰੇਨ ਸਫਾਈ ਅਤੇ ਵਿਸ਼ੇਸ਼ ਤੌਰ 'ਤੇ ਕਾਗਜ਼ਰੂ ਲਿਫਟ ਸਕੀਮ ਦੀ ਮਜ਼ਬੂਤੀ ਦਾ ਕੰਮ ਪ੍ਰਗਤੀ ਅਧੀਨ ਹੈ। ਬਿਜਲੀ ਖੇਤਰ ਬਾਰੇ ਜ਼ਿਕਰ ਕਰਦਿਆਂ ਵਿੱਤ ਮੰਤਰੀ ਨੇ ਕਿਹਾ ਕਿ 'ਮਿਸ਼ਨ ਰੌਸ਼ਨ ਪੰਜਾਬ' ਪਹਿਲਕਦਮੀ ਵਿੱਚ ਨਵੇਂ ਸਬਸਟੇਸ਼ਨਾਂ ਅਤੇ 25000 ਕਿਲੋਮੀਟਰ ਬਿਜਲੀ ਲਾਈਨਾਂ ਨਾਲ ਬਿਜਲੀ ਵੰਡ ਨੈੱਟਵਰਕ ਨੂੰ ਆਧੁਨਿਕ ਬਣਾਉਣ ਲਈ 5,000 ਕਰੋੜ ਰੁਪਏ ਦਾ ਨਿਵੇਸ਼ ਸ਼ਾਮਲ ਹੈ। ਉਨ੍ਹਾਂ ਕਿਹਾ ਕਿ ਘਪਤਕਾਰਾਂ ਦੇ ਲਾਭਾਂ ਨੂੰ ਪ੍ਰਾਥਮਿਕਤਾ ਦਿੰਦਿਆਂ ਸੂਬੇ ਦੇ ਬਿਜਲੀ ਬੋਰਡ ਨੂੰ 25 ਪ੍ਰਤੀਸ਼ਤ ਘਰਾਂ ਨੂੰ ਮੁਫ਼ਤ ਬਿਜਲੀ ਸਹੂਲਤ ਦੀ ਇੱਕ ਯੋਜਨਾ ਬਣਾਈ ਗਈ ਹੈ। ਆਰਜ਼ਮਪੁਰ ਅਤੇ ਹਲਵਾਰਾ ਹਵਾਈ ਅੱਡਿਆਂ ਦੇ ਕਾਰਜਸ਼ੀਲ ਹੋਣ ਨਾਲ ਸ਼ਹਿਰੀ ਹਵਾਬਾਜ਼ੀ ਬੁਨਿਆਦੀ ਢਾਂਚੇ ਦਾ ਵਿਸਥਾਰ ਹੋਇਆ ਹੈ। ਉਨ੍ਹਾਂ ਅੱਗੇ ਕਿਹਾ ਕਿ ਪੰਜਾਬ ਨੇ ਰਾਸ਼ਟਰੀ ਮਾਈਨਿੰਗ ਰੈਡੀਨੈਸ ਇੰਡੈਕਸ ਵਿੱਚ ਸਿਖਰਲਾ ਦਰਜਾ ਪ੍ਰਾਪਤ ਕੀਤਾ ਹੈ ਅਤੇ ਮਾਈਨਿੰਗ ਮਾਲੀਆ ਦੁੱਗਣਾ ਹੋ ਕੇ 500 ਕਰੋੜ ਰੁਪਏ ਤੋਂ ਵੱਧ ਹੋ ਗਿਆ ਹੈ। ਇਸ ਤਰ੍ਹਾਂ 1279 ਨਵੀਆਂ ਬੱਸਾਂ ਅਤੇ ਨਾਲ ਟਰਾਂਸਪੋਰਟ ਖੇਤਰ ਵਿੱਚ ਵਿਸਥਾਰ ਹੋਇਆ। ਪ੍ਰਮੁੱਖ ਸੁਰੱਖਿਆ ਅਤੇ ਸਮਾਜ ਭਲਾਈ ਬਾਰੇ ਬੋਲਦਿਆਂ ਹਰਪਾਲ ਸਿੰਘ ਚੀਮਾ ਨੇ ਕਿਹਾ ਕਿ ਸਰਕਾਰ ਨੇ ਲਗਭਗ 40 ਲੱਖ ਪਰਿਵਾਰਾਂ ਨੂੰ ਮੁਫ਼ਤ ਰਾਸ਼ਨ ਦੀ ਸਹੂਲਤ ਪ੍ਰਦਾਨ ਕਰਨ ਲਈ 900 ਕਰੋੜ ਰੁਪਏ ਦੀ ਅਲਾਟਮੈਂਟ ਨਾਲ 'ਮੇਰੀ ਰਸੋਈ' ਯੋਜਨਾ ਸ਼ੁਰੂ ਕੀਤੀ ਹੈ। ਉਨ੍ਹਾਂ ਅੱਗੇ ਕਿਹਾ ਕਿ 10 ਲੱਖ ਹੋਰ ਲਾਭਪਾਤਰੀਆਂ ਲਈ ਨਵੇਂ ਰਾਸ਼ਨ ਕਾਰਡ ਬਣਾਉਣ ਦੀ ਵਿਵਸਥਾ ਵੀ ਕੀਤੀ ਗਈ ਹੈ। ਲਗਭਗ 7500 ਗ੍ਰਿੱਸਿਆਂ ਦੀ ਅਲਾਟਮੈਂਟ ਰਾਹੀਂ ਗੁਜ਼ਾਰਾ ਦੇ ਖੇਤਰ ਵਿੱਚ ਵਾਧਾ ਹੋਇਆ। ਉਨ੍ਹਾਂ ਅੱਗੇ ਦੱਸਿਆ ਕਿ ਸਮਾਜ ਭਲਾਈ ਅਤੇ ਨਿਆਂ ਖੇਤਰ ਨੂੰ 18,304 ਕਰੋੜ ਰੁਪਏ ਦੀ ਅਲਾਟਮੈਂਟ ਪ੍ਰਾਪਤ ਹੋਈ ਹੈ, ਜਿਸ ਵਿੱਚ ਮਾਸਿਕ ਵਿੱਤੀ ਸਹਾਇਤਾ ਪੈਨਸ਼ਨਾਂ ਲਈ 6,150 ਕਰੋੜ ਰੁਪਏ ਅਤੇ ਅਨੁਸੂਚਿਤ ਜਾਤੀ ਉਪ-ਯੋਜਨਾ ਅਧੀਨ 17,700 ਕਰੋੜ ਰੁਪਏ ਸ਼ਾਮਲ ਹਨ। ਆਪਣੇ ਬਜਟ ਭਾਸ਼ਣ ਦੀ ਸਮਾਪਤੀ ਕਰਦਿਆਂ ਪੰਜਾਬ ਦੇ ਵਿੱਤ ਮੰਤਰੀ ਨੇ ਕਿਹਾ ਕਿ ਕੁੱਲ ਮਾਲੀਆ ਪ੍ਰਾਪਤੀਆਂ 1,26,190 ਕਰੋੜ ਰੁਪਏ ਹੋਣ ਦਾ ਅਨੁਮਾਨ ਹੈ, ਜਿਸ ਦਾ ਸਰੋਤ 16ਵੇਂ ਵਿੱਤ ਕਮਿਸ਼ਨ ਤੋਂ ਵੱਧਦੇ ਵਿਕਾਸ ਨੁਮਾਇੰਦਗੀ ਹਿੱਸੇਦਾਰੀ ਹੈ, ਇਸ ਨਾਲ ਸੂਬੇ ਕੇਂਦਰੀ ਟੈਕਸਾਂ ਵਿੱਚ ਹਿੱਸੇ ਤੋਂ 30,464 ਕਰੋੜ ਰੁਪਏ ਪ੍ਰਾਪਤ ਹੋਣ ਲਈ ਸਮਰੱਥ ਹੋਵੇਗਾ। ਉਨ੍ਹਾਂ ਅੱਗੇ ਕਿਹਾ ਕਿ ਜਾਇਜ਼ ਸੁਧਾਰਾਂ ਅਤੇ ਮਾਲੀਆ ਨਾਲ ਸਰਕਾਰ ਦੇ ਟੈਕਸ ਮਾਲੀਏ ਦੀ ਪ੍ਰਾਪਤੀ ਦਰ 53,122 ਕਰੋੜ ਰੁਪਏ ਦੇ ਕਾਰਜਕਾਲ ਦੌਰਾਨ 22 ਫੀਸਦ ਤੱਕ ਦਾ ਅਸਾਧਾਰਨ ਮਾਲੀਏ ਦਾ ਅਨੁਮਾਨ ਹੈ, ਜਦੋਂ ਕਿ ਸੂਬੇ ਨੇ ਵਿੱਤੀ ਸਾਲ 2026-27 ਲਈ ਨਵੇਂ ਆਬਕਾਰੀ ਟੈਕਸ ਰਾਹੀਂ 11,470 ਕਰੋੜ ਅਤੇ ਜੀ.ਐਸ.ਟੀ. ਤੋਂ 32,000 ਕਰੋੜ ਰੁਪਏ ਦਾ

ਟੀਚਾ ਰੱਖਿਆ ਹੈ। ਵਿੱਤ ਮੰਤਰੀ ਨੇ ਇਹ ਵੀ ਕਿਹਾ ਕਿ ਸੂਬੇ ਨੇ ਗਰੰਟੀ ਰਿਡੈਂਪਸ਼ਨ ਫੰਡ ਵਿੱਚ 1,000 ਕਰੋੜ ਰੁਪਏ ਦਾ ਨਿਵੇਸ਼ ਕੀਤਾ ਹੈ ਅਤੇ ਜਾਇਦਾਦ ਬਣਾਉਣ ਲਈ ਪੂੰਜੀ ਖਰਚ ਨੂੰ ਦੁੱਗਣਾ ਕਰਕੇ 18,381 ਕਰੋੜ ਰੁਪਏ ਕਰ ਦਿੱਤਾ ਹੈ। ਹਰਪਾਲ ਸਿੰਘ ਚੀਮਾ ਨੇ ਕਿਹਾ, "ਕਰਜ਼-ਤੋਂ-ਜੀ.ਐਸ.ਡੀ.ਪੀ. ਅਨੁਪਾਤ 48.25 ਫੀਸਦੀ ਤੋਂ ਘਟਾ ਕੇ 44.47 ਫੀਸਦੀ ਕਰ ਦਿੱਤਾ ਗਿਆ ਹੈ।" ਉਨ੍ਹਾਂ ਕਿਹਾ ਕਿ ਸਰਕਾਰ ਕੁਸ਼ਿਆਰੀ ਢਾਂਚੇ ਅਤੇ ਲੋਕ ਭਲਾਈ ਵਿੱਚ ਨਿਵੇਸ਼ ਕਰਦਿਆਂ ਪੰਜਾਬ ਦੀ ਵਿੱਤੀ ਸਿਹਤ ਨੂੰ ਮਜ਼ਬੂਤ ਕਰਨ ਲਈ ਵਚਨਬੱਧ ਹੈ। ਪੰਜਾਬ ਦੇ ਪੇਂਡੂ ਵਿਕਾਸ ਤੇ ਪੰਚਾਇਤ ਅਤੇ ਸੈਰ-ਸਪਾਟਾ ਮੰਤਰੀ ਸ. ਤਰੁਨਪ੍ਰੀਤ ਸਿੰਘ ਸੌਂਦ ਨੇ ਅੱਜ ਮੁੱਖ ਮੰਤਰੀ ਭਗਵੰਤ ਸਿੰਘ ਮਾਨ ਅਤੇ ਵਿੱਤ ਮੰਤਰੀ ਹਰਪਾਲ ਸਿੰਘ ਚੀਮਾ ਦਾ ਤਹਿ ਦਿਲੋਂ ਧੰਨਵਾਦ ਕੀਤਾ ਕਿ ਉਨ੍ਹਾਂ ਨੇ ਸੂਬੇ ਦੇ ਬਜਟ ਵਿੱਚ ਪੇਂਡੂ ਖੇਤਰਾਂ ਦੇ ਵਿਕਾਸ ਵਿੱਚ ਹੋਰ ਤੇਜ਼ੀ ਲਿਆਉਣ ਲਈ ਅਹਿਮ ਪੇਂਡੂ ਭਲਾਈ ਸਕੀਮਾਂ ਲਈ ਢੁਕਵੇਂ ਬਜਟ ਪ੍ਰਬੰਧ ਕੀਤੇ ਗਏ ਹਨ। ਮੰਤਰੀ ਨੇ ਸੈਰ-ਸਪਾਟਾ ਅਤੇ ਸੱਭਿਆਚਾਰਕ ਮਾਮਲਿਆਂ ਵਿਭਾਗ ਲਈ ਬਜਟ ਵਿੱਚ ਵਾਧਾ ਕਰਨ ਲਈ ਵੀ ਉਨ੍ਹਾਂ ਦਾ ਧੰਨਵਾਦ ਕਰਦਿਆਂ ਕਿਹਾ ਕਿ ਪੰਜਾਬ ਸਰਕਾਰ ਧਾਰਮਿਕ ਸਮਾਗਮਾਂ ਨੂੰ ਉਚਿਤ ਸ਼ਰਧਾ ਨਾਲ ਮਨਾਉਣ ਦੇ ਨਾਲ-ਨਾਲ ਪੰਜਾਬੀਆਂ ਦੀਆਂ ਧਾਰਮਿਕ ਭਾਵਨਾਵਾਂ ਪ੍ਰਤੀ ਵੀ ਪੂਰੀ ਤਰ੍ਹਾਂ ਸੰਵੇਦਨਸ਼ੀਲ ਹੈ। ਪੇਂਡੂ ਵਿਕਾਸ ਨੂੰ ਤਰਜੀਹ ਦੇਣ ਲਈ ਮੁੱਖ ਮੰਤਰੀ ਦਾ ਧੰਨਵਾਦ ਕਰਦਿਆਂ ਸੌਂਦ ਨੇ ਕਿਹਾ ਕਿ ਭਗਵੰਤ ਸਿੰਘ ਮਾਨ ਦੀ ਅਗਵਾਈ ਹੇਠ ਪੰਜਾਬ ਸਰਕਾਰ ਪੇਂਡੂ ਜਨ-ਜੀਵਨ ਨੂੰ ਮਜ਼ਬੂਤ ਕਰਨ, ਪਿੰਡਾਂ ਵਿੱਚ ਬੁਨਿਆਦੀ ਸਹੂਲਤਾਂ ਦਾ ਵਿਸਥਾਰ ਕਰਨ ਅਤੇ ਗ੍ਰਾਮ ਪੰਚਾਇਤਾਂ ਨੂੰ ਆਤਮ-ਨਿਰਭਰ ਬਣਾਉਣ ਲਈ ਵਿੱਤ ਸਰੋਤਾਂ ਦੀ ਉਪਲਬਧਤਾ ਨੂੰ ਯਕੀਨੀ ਬਣਾਉਣ ਲਈ ਦ੍ਰਿੜਤਾ ਨਾਲ ਵਚਨਬੱਧ ਹੈ। ਮੰਤਰੀ ਨੇ ਵਿੱਤੀ ਸਾਲ 2026-27 ਦੌਰਾਨ ਮਹਾਤਮਾ ਗਾਂਧੀ ਰਾਸ਼ਟਰੀ ਪੇਂਡੂ ਰੁਜ਼ਗਾਰ ਗਰੰਟੀ ਐਕਟ ਨੂੰ ਲਾਗੂ ਕਰਨ ਲਈ ਪ੍ਰਸਤਾਵਿਤ 1500 ਕਰੋੜ ਰੁਪਏ ਦੇ ਬਜਟ ਦਾ ਵੀ ਸਵਾਗਤ ਕੀਤਾ। ਉਨ੍ਹਾਂ ਕਿਹਾ ਕਿ ਇਹ ਯੋਜਨਾ ਪੇਂਡੂ ਘਰਾਂ ਨੂੰ ਗਾਰੰਟੀਸ਼ੁਦਾ ਰੁਜ਼ਗਾਰ ਪ੍ਰਦਾਨ ਕਰਨ ਦੇ ਨਾਲ-ਨਾਲ ਰੁਜ਼ਗਾਰ ਪੈਦਾ ਕਰਨ ਅਤੇ ਪਿੰਡਾਂ ਵਿੱਚ ਟਿਕਾਊ ਅਸਾਸਿਆਂ ਦੀ ਸਿਰਜਣਾ ਵਿੱਚ ਅਹਿਮ ਭੂਮਿਕਾ ਨਿਭਾਉਂਦੀ ਹੈ। ਸੌਂਦ ਨੇ ਕਿਹਾ ਕਿ ਮੌਜੂਦਾ ਸਾਲ ਦੌਰਾਨ ਇਸ ਯੋਜਨਾ ਤਹਿਤ ਲਗਭਗ 1100 ਕਰੋੜ ਰੁਪਏ ਪਹਿਲਾਂ ਹੀ ਖਰਚ ਕੀਤੇ ਜਾ ਚੁੱਕੇ ਹਨ, ਜਿਸ ਨਾਲ ਪੇਂਡੂ ਕਾਮਿਆਂ ਲਈ ਲਗਭਗ 223 ਲੱਖ ਦਿਹਾੜੀਆਂ ਦਾ ਰੁਜ਼ਗਾਰ ਦਿੱਤਾ ਗਿਆ। ਉਨ੍ਹਾਂ ਅੱਗੇ ਕਿਹਾ ਕਿ ਰਾਜ ਸਰਕਾਰ ਵੱਲੋਂ ਕੀਤੇ ਗਏ ਢੁਕਵੇਂ ਬਜਟ ਪ੍ਰਬੰਧਾਂ ਨਾਲ ਕੰਮਾਂ ਦੀ ਨਿਰੰਤਰਤਾ, ਹਲਕਾਵਾਂ ਦੀ ਸਮੇਂ ਸਿਰ ਅਦਾਇਗੀ ਅਤੇ ਪੇਂਡੂ ਆਬਾਦੀ ਨੂੰ ਨਿਰੰਤਰ ਉਜਰਤ ਸਹਾਇਤਾ ਯਕੀਨੀ ਬਣਾਈ ਜਾਵੇਗੀ। ਮੰਤਰੀ ਨੇ ਪ੍ਰਧਾਨ ਮੰਤਰੀ ਆਵਾਸ ਯੋਜਨਾ (ਗ੍ਰਾਮੀਣ) ਅਧੀਨ ਪੇਂਡੂ ਰਿਹਾਇਸ਼ ਲਈ ਅਲਾਟਮੈਂਟ ਦਾ ਵੀ ਸਵਾਗਤ ਕੀਤਾ। ਉਨ੍ਹਾਂ ਕਿਹਾ ਕਿ ਪੰਜਾਬ ਸਰਕਾਰ ਨੇ ਇਸ ਯੋਜਨਾ ਨੂੰ ਲਾਗੂ ਕਰਨ ਵਿੱਚ ਵਧੀਆ ਕਾਰਗੁਜ਼ਾਰੀ ਦਿਖਾਈ ਹੈ ਅਤੇ ਮੌਜੂਦਾ ਸਾਲ ਦੌਰਾਨ ਲਗਭਗ 76000 ਪਰਿਵਾਰਾਂ ਨੂੰ ਰਿਹਾਇਸ਼ ਸਹਾਇਤਾ ਦਿੱਤੀ ਗਈ ਹੈ, ਜਿਸ ਵਿੱਚ ਲਗਭਗ 30000 ਹੜ੍ਹ ਪ੍ਰਭਾਵਿਤ ਪਰਿਵਾਰ ਵੀ ਸ਼ਾਮਲ ਹਨ। ਸੌਂਦ ਨੇ ਅੱਗੇ ਕਿਹਾ ਕਿ ਸਰਕਾਰ ਵੱਲੋਂ ਵਿੱਤੀ ਸਾਲ 2026-27 ਦੌਰਾਨ ਪ੍ਰਧਾਨ ਮੰਤਰੀ ਆਵਾਸ ਯੋਜਨਾ (ਗ੍ਰਾਮੀਣ) ਅਧੀਨ ਇੱਕ ਲੱਖ ਹੋਰ ਘਰਾਂ ਦਾ ਪ੍ਰਸਤਾਵ ਹੈ, ਜਿਸ ਲਈ 800 ਕਰੋੜ ਰੁਪਏ ਦੀ ਵਿਵਸਥਾ ਕੀਤੀ ਗਈ ਹੈ। ਇਸ ਉੱਦਮ ਤਹਿਤ ਪਿੰਡਾਂ ਦੇ ਹਜ਼ਾਰਾਂ ਪੇਂਡੂ ਪਰਿਵਾਰਾਂ ਨੂੰ ਪੱਕਾ ਮਕਾਨ ਮੁਹੱਈਆ ਕਰਵਾਏ ਜਾਣਗੇ। ਸੈਰ-ਸਪਾਟਾ ਅਤੇ ਸੱਭਿਆਚਾਰਕ ਮਾਮਲਿਆਂ ਦੇ ਖੇਤਰ ਵਿੱਚ ਕੀਤੇ ਗਏ ਐਲਾਨਾਂ ਦਾ ਸਵਾਗਤ ਕਰਦਿਆਂ ਸੌਂਦ ਨੇ ਕਿਹਾ ਕਿ ਪੰਜਾਬ ਸਰਕਾਰ ਨੇ ਵਿੱਤੀ ਸਾਲ 2026-27 ਦੌਰਾਨ ਸ੍ਰੀ ਗੁਰੂ ਰਵਿਦਾਸ ਜੀ ਦੇ 650ਵੇਂ ਜਨਮ ਦਿਵਸ ਨੂੰ ਰਾਜ ਪੱਧਰੀ ਸਮਾਰੋਹ ਵਜੋਂ ਮਨਾਉਣ ਦਾ ਫੈਸਲਾ ਕੀਤਾ ਹੈ। ਸ਼ਤਾਬਦੀ ਸਮਾਗਮ ਸ੍ਰੀ ਗੁਰੂ ਰਵਿਦਾਸ ਜੀ ਦੀ ਧਾਰਮਿਕ ਫਿਲਾਸਫੀ, ਜੋ ਗੁਰੂ ਰਵਿਦਾਸ ਜੀ ਤੱਕ ਆਬਾਦ ਵਸਣ ਵਾਲਿਆਂ ਲਈ ਹੈ, ਉਥੇ ਹੋਣਗੇ ਅਤੇ ਇਸ ਤੋਂ ਇਲਾਵਾ ਸਮਾਨਤਾ, ਸਦਭਾਵਨਾ, ਸ਼ਰਧਾ 'ਤੇ ਆਧਾਰਤ ਉਨ੍ਹਾਂ ਦੀਆਂ ਸਿੱਖਿਆਵਾਂ ਦੇ ਸਨਮਾਨ ਵਜੋਂ ਸਾਰਾ ਸਾਲ ਸੂਬੇ ਭਰ ਵਿੱਚ ਵੱਖ-ਵੱਖ ਪ੍ਰੋਗਰਾਮ ਕਰਵਾਏ ਜਾਣਗੇ। ਇਨ੍ਹਾਂ ਯਾਦਗਾਰੀ ਸਮਾਗਮਾਂ ਲਈ 100 ਕਰੋੜ ਰੁਪਏ ਰਾਖਵੇਂ ਰੱਖੇ ਗਏ ਹਨ। ਮੰਤਰੀ ਨੇ ਪੰਜਾਬ ਸਰਕਾਰ ਦੇ ਮੁੱਖ ਮੰਤਰੀ ਤੀਰਥ ਯਾਤਰਾ ਯੋਜਨਾ ਦੇ ਉਪਰਾਲੇ ਦੀ ਵੀ ਸ਼ਲਾਘਾ ਕੀਤੀ ਜਿਸਦਾ ਉਦੇਸ਼ ਪੰਜਾਬ ਦੇ ਲੋਕਾਂ, ਖਾਸ ਕਰਕੇ ਬਜ਼ੁਰਗਾਂ ਅਤੇ ਆਰਥਿਕ ਤੌਰ 'ਤੇ ਕਮਜ਼ੋਰ ਵਰਗਾਂ ਦੀਆਂ ਧਾਰਮਿਕ ਭਾਵਨਾਵਾਂ ਨੂੰ ਪੂਰਾ ਕਰਨਾ ਹੈ। ਇਸ ਯੋਜਨਾ ਤਹਿਤ ਸ੍ਰੀ ਹਰਿਮੰਦਰ ਸਾਹਿਬ ਅਤੇ ਸ੍ਰੀ ਅਨੰਦਪੁਰ ਸਾਹਿਬ ਸਮੇਤ ਪ੍ਰਮੁੱਖ ਧਾਰਮਿਕ ਸਥਾਨਾਂ ਲਈ ਮੁਫ਼ਤ ਅਤੇ ਪੂਰੀ ਤਰ੍ਹਾਂ ਸਹਾਇਤਾ ਪ੍ਰਾਪਤ ਤੀਰਥ ਯਾਤਰਾਵਾਂ ਦਾ ਪ੍ਰਬੰਧ ਕੀਤਾ ਜਾ ਰਿਹਾ ਹੈ। ਵਿੱਤੀ ਸਾਲ 2026-27 ਦੌਰਾਨ ਲਗਭਗ 7.15 ਲੱਖ ਨਾਗਰਿਕਾਂ ਲਈ ਤੀਰਥ ਯਾਤਰਾਵਾਂ ਦੀ ਸਹੂਲਤ ਲਈ 312 ਕਰੋੜ ਰੁਪਏ ਦਾ ਉਪਬੰਧ ਕੀਤਾ ਗਿਆ ਹੈ।
